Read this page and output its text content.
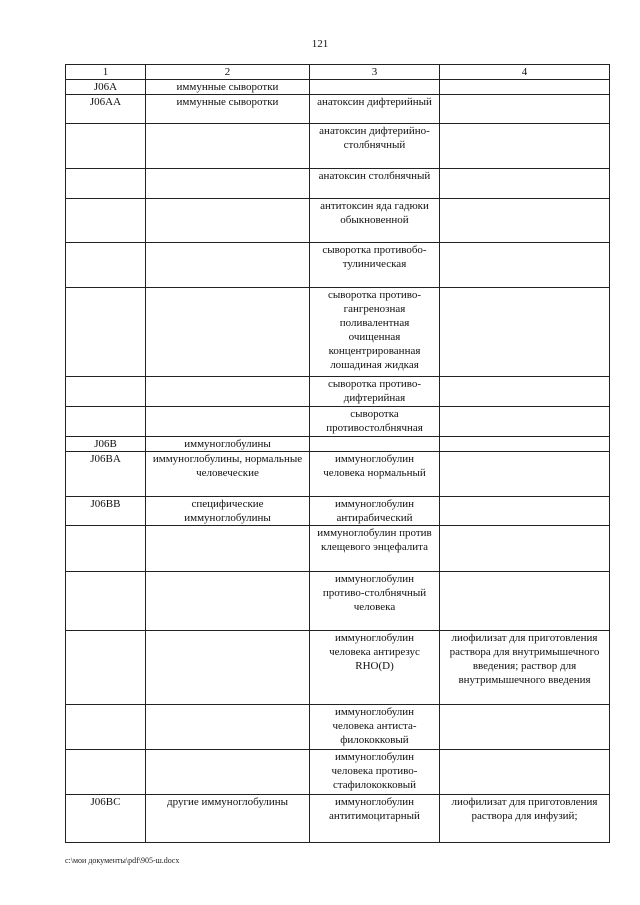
121
1	2	3	4
J06A	иммунные сыворотки		
J06AA	иммунные сыворотки	анатоксин дифтерийный	
		анатоксин дифтерийно-столбнячный	
		анатоксин столбнячный	
		антитоксин яда гадюки обыкновенной	
		сыворотка противобо-тулиническая	
		сыворотка противо-гангренозная поливалентная очищенная концентрированная лошадиная жидкая	
		сыворотка противо-дифтерийная	
		сыворотка противостолбнячная	
J06B	иммуноглобулины		
J06BA	иммуноглобулины, нормальные человеческие	иммуноглобулин человека нормальный	
J06BB	специфические иммуноглобулины	иммуноглобулин антирабический	
		иммуноглобулин против клещевого энцефалита	
		иммуноглобулин противо-столбнячный человека	
		иммуноглобулин человека антирезус RHO(D)	лиофилизат для приготовления раствора для внутримышечного введения; раствор для внутримышечного введения
		иммуноглобулин человека антиста-филококковый	
		иммуноглобулин человека противо-стафилококковый	
J06BC	другие иммуноглобулины	иммуноглобулин антитимоцитарный	лиофилизат для приготовления раствора для инфузий;
c:\мои документы\pdf\905-ш.docx
